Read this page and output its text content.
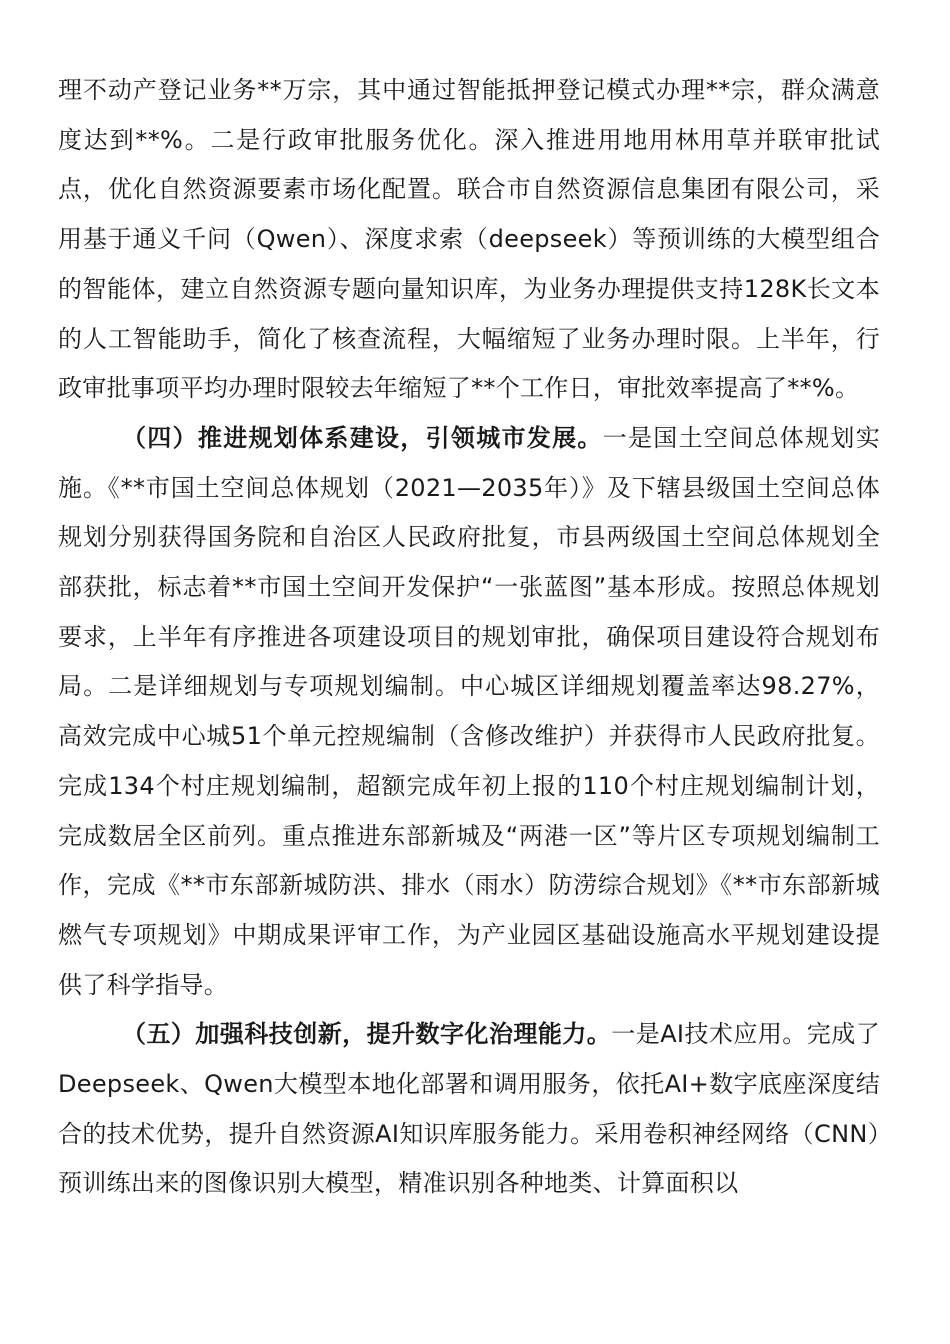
理不动产登记业务**万宗，其中通过智能抵押登记模式办理**宗，群众满意度达到**%。二是行政审批服务优化。深入推进用地用林用草并联审批试点，优化自然资源要素市场化配置。联合市自然资源信息集团有限公司，采用基于通义千问（Qwen）、深度求索（deepseek）等预训练的大模型组合的智能体，建立自然资源专题向量知识库，为业务办理提供支持128K长文本的人工智能助手，简化了核查流程，大幅缩短了业务办理时限。上半年，行政审批事项平均办理时限较去年缩短了**个工作日，审批效率提高了**%。

（四）推进规划体系建设，引领城市发展。一是国土空间总体规划实施。《**市国土空间总体规划（2021—2035年）》及下辖县级国土空间总体规划分别获得国务院和自治区人民政府批复，市县两级国土空间总体规划全部获批，标志着**市国土空间开发保护“一张蓝图”基本形成。按照总体规划要求，上半年有序推进各项建设项目的规划审批，确保项目建设符合规划布局。二是详细规划与专项规划编制。中心城区详细规划覆盖率达98.27%，高效完成中心城51个单元控规编制（含修改维护）并获得市人民政府批复。完成134个村庄规划编制，超额完成年初上报的110个村庄规划编制计划，完成数居全区前列。重点推进东部新城及“两港一区”等片区专项规划编制工作，完成《**市东部新城防洪、排水（雨水）防涝综合规划》《**市东部新城燃气专项规划》中期成果评审工作，为产业园区基础设施高水平规划建设提供了科学指导。

（五）加强科技创新，提升数字化治理能力。一是AI技术应用。完成了Deepseek、Qwen大模型本地化部署和调用服务，依托AI+数字底座深度结合的技术优势，提升自然资源AI知识库服务能力。采用卷积神经网络（CNN）预训练出来的图像识别大模型，精准识别各种地类、计算面积以
